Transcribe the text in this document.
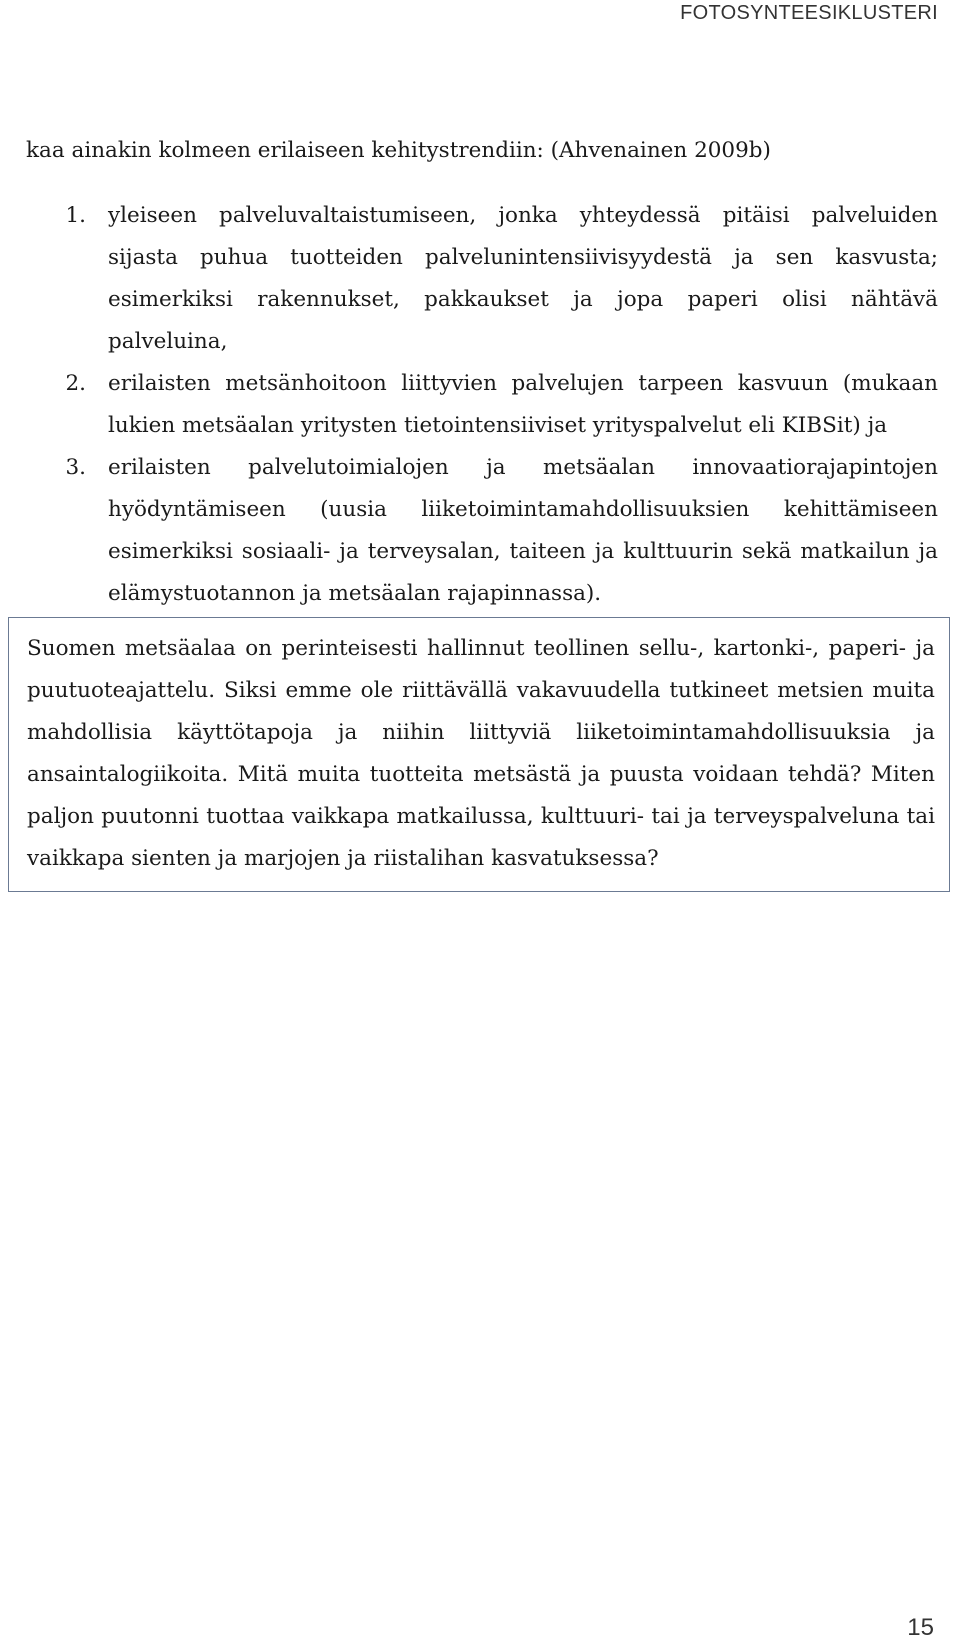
FOTOSYNTEESIKLUSTERI

kaa ainakin kolmeen erilaiseen kehitystrendiin: (Ahvenainen 2009b)

1.	yleiseen palveluvaltaistumiseen, jonka yhteydessä pitäisi palveluiden sijasta puhua tuotteiden palvelunintensiivisyydestä ja sen kasvusta; esimerkiksi rakennukset, pakkaukset ja jopa paperi olisi nähtävä palveluina,
2.	erilaisten metsänhoitoon liittyvien palvelujen tarpeen kasvuun (mukaan lukien metsäalan yritysten tietointensiiviset yrityspalvelut eli KIBSit) ja
3.	erilaisten palvelutoimialojen ja metsäalan innovaatiorajapintojen hyödyntämiseen (uusia liiketoimintamahdollisuuksien kehittämiseen esimerkiksi sosiaali- ja terveysalan, taiteen ja kulttuurin sekä matkailun ja elämystuotannon ja metsäalan rajapinnassa).

Suomen metsäalaa on perinteisesti hallinnut teollinen sellu-, kartonki-, paperi- ja puutuoteajattelu. Siksi emme ole riittävällä vakavuudella tutkineet metsien muita mahdollisia käyttötapoja ja niihin liittyviä liiketoimintamahdollisuuksia ja ansaintalogiikoita. Mitä muita tuotteita metsästä ja puusta voidaan tehdä? Miten paljon puutonni tuottaa vaikkapa matkailussa, kulttuuri- tai ja terveyspalveluna tai vaikkapa sienten ja marjojen ja riistalihan kasvatuksessa?

15
